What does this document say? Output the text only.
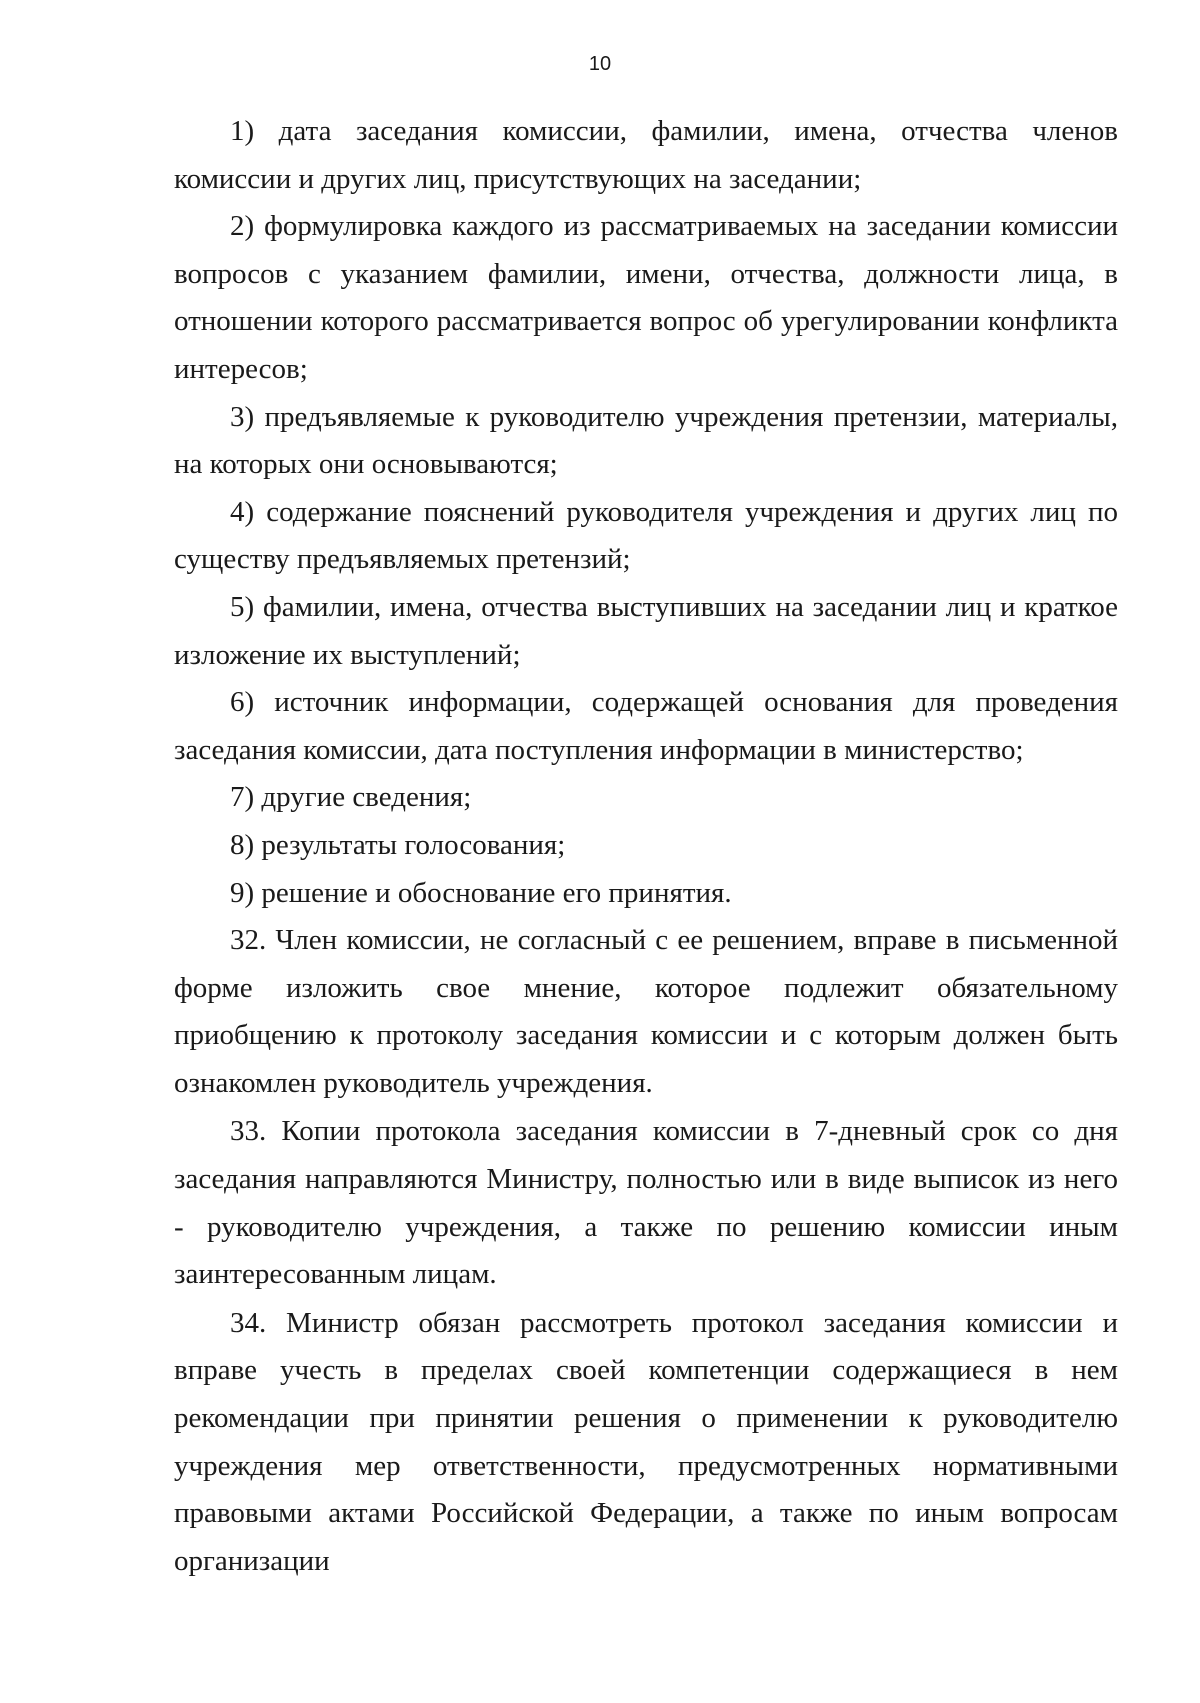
10

1) дата заседания комиссии, фамилии, имена, отчества членов комиссии и других лиц, присутствующих на заседании;

2) формулировка каждого из рассматриваемых на заседании комиссии вопросов с указанием фамилии, имени, отчества, должности лица, в отношении которого рассматривается вопрос об урегулировании конфликта интересов;

3) предъявляемые к руководителю учреждения претензии, материалы, на которых они основываются;

4) содержание пояснений руководителя учреждения и других лиц по существу предъявляемых претензий;

5) фамилии, имена, отчества выступивших на заседании лиц и краткое изложение их выступлений;

6) источник информации, содержащей основания для проведения заседания комиссии, дата поступления информации в министерство;

7) другие сведения;

8) результаты голосования;

9) решение и обоснование его принятия.

32. Член комиссии, не согласный с ее решением, вправе в письменной форме изложить свое мнение, которое подлежит обязательному приобщению к протоколу заседания комиссии и с которым должен быть ознакомлен руководитель учреждения.

33. Копии протокола заседания комиссии в 7-дневный срок со дня заседания направляются Министру, полностью или в виде выписок из него - руководителю учреждения, а также по решению комиссии иным заинтересованным лицам.

34. Министр обязан рассмотреть протокол заседания комиссии и вправе учесть в пределах своей компетенции содержащиеся в нем рекомендации при принятии решения о применении к руководителю учреждения мер ответственности, предусмотренных нормативными правовыми актами Российской Федерации, а также по иным вопросам организации
